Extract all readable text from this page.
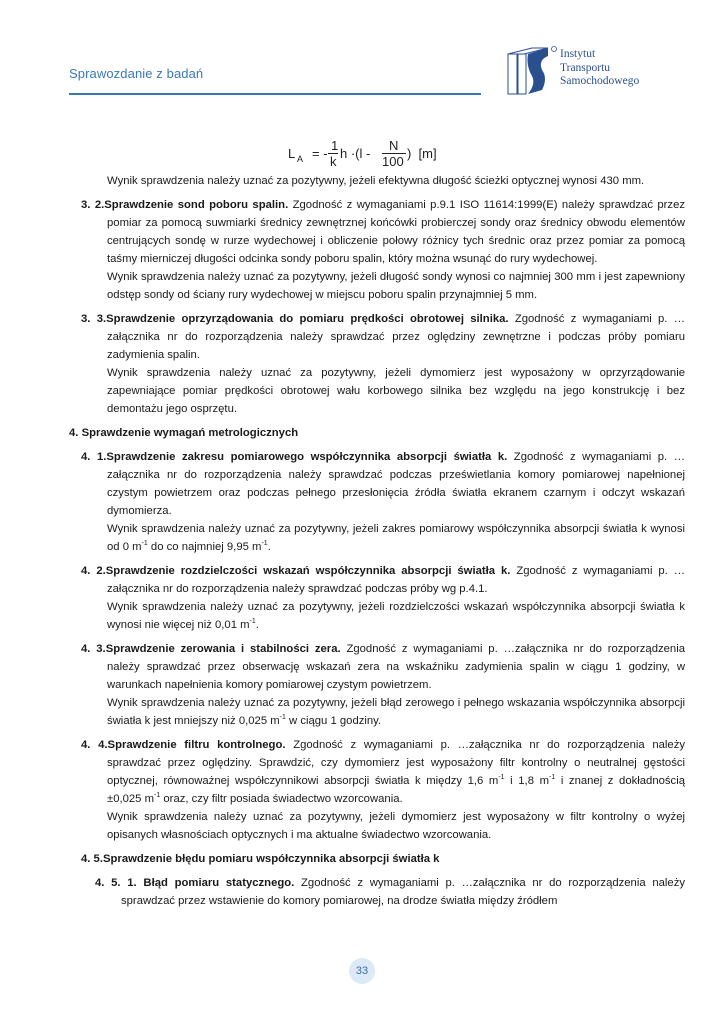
Sprawozdanie z badań
Instytut
Transportu
Samochodowego
L A = -
1
k
h ·(l -
N
100
)  [m]

Wynik sprawdzenia należy uznać za pozytywny, jeżeli efektywna długość ścieżki optycznej wynosi 430 mm.

3. 2.Sprawdzenie sond poboru spalin. Zgodność z wymaganiami p.9.1 ISO 11614:1999(E) należy sprawdzać przez pomiar za pomocą suwmiarki średnicy zewnętrznej końcówki probierczej sondy oraz średnicy obwodu elementów centrujących sondę w rurze wydechowej i obliczenie połowy różnicy tych średnic oraz przez pomiar za pomocą taśmy mierniczej długości odcinka sondy poboru spalin, który można wsunąć do rury wydechowej.

Wynik sprawdzenia należy uznać za pozytywny, jeżeli długość sondy wynosi co najmniej 300 mm i jest zapewniony odstęp sondy od ściany rury wydechowej w miejscu poboru spalin przynajmniej 5 mm.

3. 3.Sprawdzenie oprzyrządowania do pomiaru prędkości obrotowej silnika. Zgodność z wymaganiami p. … załącznika nr do rozporządzenia należy sprawdzać przez oględziny zewnętrzne i podczas próby pomiaru zadymienia spalin.

Wynik sprawdzenia należy uznać za pozytywny, jeżeli dymomierz jest wyposażony w oprzyrządowanie zapewniające pomiar prędkości obrotowej wału korbowego silnika bez względu na jego konstrukcję i bez demontażu jego osprzętu.

4. Sprawdzenie wymagań metrologicznych

4. 1.Sprawdzenie zakresu pomiarowego współczynnika absorpcji światła k. Zgodność z wymaganiami p. …załącznika nr do rozporządzenia należy sprawdzać podczas prześwietlania komory pomiarowej napełnionej czystym powietrzem oraz podczas pełnego przesłonięcia źródła światła ekranem czarnym i odczyt wskazań dymomierza.

Wynik sprawdzenia należy uznać za pozytywny, jeżeli zakres pomiarowy współczynnika absorpcji światła k wynosi od 0 $m^{-1}$ do co najmniej 9,95 $m^{-1}$.

4. 2.Sprawdzenie rozdzielczości wskazań współczynnika absorpcji światła k. Zgodność z wymaganiami p. …załącznika nr do rozporządzenia należy sprawdzać podczas próby wg p.4.1.

Wynik sprawdzenia należy uznać za pozytywny, jeżeli rozdzielczości wskazań współczynnika absorpcji światła k wynosi nie więcej niż 0,01 $m^{-1}$.

4. 3.Sprawdzenie zerowania i stabilności zera. Zgodność z wymaganiami p. …załącznika nr do rozporządzenia należy sprawdzać przez obserwację wskazań zera na wskaźniku zadymienia spalin w ciągu 1 godziny, w warunkach napełnienia komory pomiarowej czystym powietrzem.

Wynik sprawdzenia należy uznać za pozytywny, jeżeli błąd zerowego i pełnego wskazania współczynnika absorpcji światła k jest mniejszy niż 0,025 $m^{-1}$ w ciągu 1 godziny.

4. 4.Sprawdzenie filtru kontrolnego. Zgodność z wymaganiami p. …załącznika nr do rozporządzenia należy sprawdzać przez oględziny. Sprawdzić, czy dymomierz jest wyposażony filtr kontrolny o neutralnej gęstości optycznej, równoważnej współczynnikowi absorpcji światła k między 1,6 $m^{-1}$ i 1,8 $m^{-1}$ i znanej z dokładnością ±0,025 $m^{-1}$ oraz, czy filtr posiada świadectwo wzorcowania.

Wynik sprawdzenia należy uznać za pozytywny, jeżeli dymomierz jest wyposażony w filtr kontrolny o wyżej opisanych własnościach optycznych i ma aktualne świadectwo wzorcowania.

4. 5.Sprawdzenie błędu pomiaru współczynnika absorpcji światła k

4. 5. 1. Błąd pomiaru statycznego. Zgodność z wymaganiami p. …załącznika nr do rozporządzenia należy sprawdzać przez wstawienie do komory pomiarowej, na drodze światła między źródłem

33
